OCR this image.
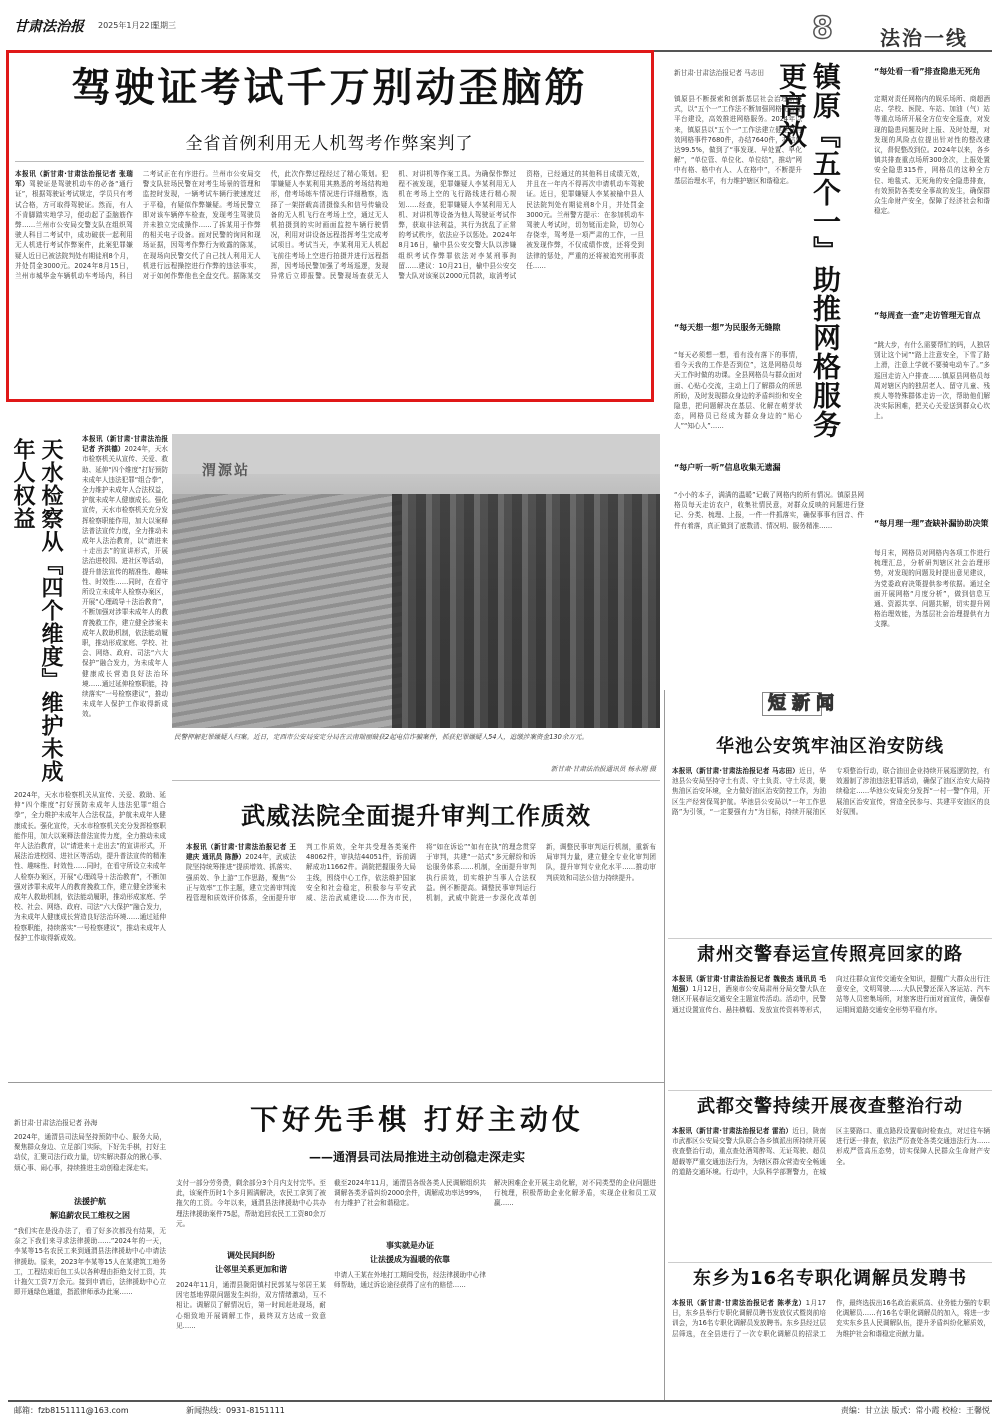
甘肃法治报 2025年1月22日
星期三	8 法治一线
驾驶证考试千万别动歪脑筋
全省首例利用无人机驾考作弊案判了
本报讯（新甘肃·甘肃法治报记者 张瑞军）驾驶证是驾驶机动车的必备“通行证”，根据驾驶证考试规定，学员只有考试合格，方可取得驾驶证。然而，有人不肯脚踏实地学习，便动起了歪脑筋作弊……兰州市公安局交警支队在组织驾驶人科目二考试中，成功破获一起利用无人机进行考试作弊案件，此案犯罪嫌疑人近日已被法院判处有期徒刑8个月，并处罚金3000元。2024年8月15日，兰州市城华金车辆机动车考场内，科目二考试正在有序进行。兰州市公安局交警支队驻场民警在对考生场景的管理和监控时发现，一辆考试车辆行驶速度过于平稳，有疑似作弊嫌疑。考场民警立即对该车辆停车检查，发现考生驾驶员并未独立完成操作……了拆某用于作弊的相关电子设备。面对民警的询问和现场证据，因驾考作弊行为败露的陈某，在现场向民警交代了自己找人利用无人机进行远程操控进行作弊的违法事实，对于如何作弊他也全盘交代。据陈某交代，此次作弊过程经过了精心策划。犯罪嫌疑人李某利用其熟悉的考场结构地形，借考场练车情况进行详细勘察，选择了一架搭载高清摄像头和信号传输设备的无人机飞行在考场上空，通过无人机拍摄到的实时画面监控车辆行驶情况，利用对讲设备远程指挥考生完成考试项目。考试当天，李某利用无人机起飞前往考场上空进行拍摄并进行远程指挥，因考场民警加强了考场巡逻，发现异常后立即报警。民警现场查获无人机、对讲机等作案工具。为确保作弊过程不被发现，犯罪嫌疑人李某利用无人机在考场上空的飞行路线进行精心规划……经查，犯罪嫌疑人李某利用无人机、对讲机等设备为他人驾驶证考试作弊，获取非法利益，其行为扰乱了正常的考试秩序，依法应予以惩处。2024年8月16日，榆中县公安交警大队以涉嫌组织考试作弊罪依法对李某刑事拘留……建议：10月21日，榆中县公安交警大队对该案以2000元罚款，取消考试资格，已经通过的其他科目成绩无效，并且在一年内不得再次申请机动车驾驶证。近日，犯罪嫌疑人李某被榆中县人民法院判处有期徒刑8个月，并处罚金3000元。兰州警方提示：在参加机动车驾驶人考试时，切勿铤而走险，切勿心存侥幸，驾考是一项严肃的工作，一旦被发现作弊，不仅成绩作废，还将受到法律的惩处，严重的还将被追究刑事责任……
新甘肃·甘肃法治报记者 马志田
镇原县不断探索和创新基层社会治理新模式，以“五个一”工作法不断加强网格化管理平台建设，高效推进网格服务。2024年以来，镇原县以“五个一”工作法建立健全县有效网格事件7680件，办结7640件，办结率达99.5%，做到了“事发现、早处置、早化解”，“单位管、单位化、单位结”，推动“网中有格、格中有人、人在格中”，不断提升基层治理水平，有力维护辖区和谐稳定。 镇原『五个一』助推网格服务更高效
“每天想一想”为民服务无缝隙
“每天必须想一想，看有没有落下的事情，看今天我的工作是否到位”，这是网格员每天工作时做的功课。全县网格员与群众面对面、心贴心交流，主动上门了解群众的所思所盼，及时发现群众身边的矛盾纠纷和安全隐患，把问题解决在基层、化解在萌芽状态，网格员已经成为群众身边的“贴心人”“知心人”……
“每户听一听”信息收集无遗漏
“小小的本子，满满的温暖”记载了网格内的所有情况。镇原县网格员每天走访农户，收集社情民意，对群众反映的问题进行登记、分类、梳理、上报，一件一件抓落实，确保事事有回音、件件有着落，真正做到了底数清、情况明、服务精准……
“每处看一看”排查隐患无死角
定期对责任网格内的娱乐场所、商超酒店、学校、医院、车站、加油（气）站等重点场所开展全方位安全巡查，对发现的隐患问题及时上报、及时处理，对发现的风险点位提出针对性的整改建议，督促整改到位。2024年以来，各乡镇共排查重点场所300余次，上报处置安全隐患315件，网格员的这种全方位、地毯式、无死角的安全隐患排查，有效预防各类安全事故的发生，确保群众生命财产安全，保障了经济社会和谐稳定。
“每周查一查”走访管理无盲点
“跳大步，有什么需要帮忙的吗，人独居别让这个词”“路上注意安全，下雪了路上滑，注意上学就不要骑电动车了。”多巡回走访入户排查……镇原县网格员每周对辖区内的独居老人、留守儿童、残疾人等特殊群体走访一次，帮助他们解决实际困难，把关心关爱送到群众心坎上。
“每月理一理”查缺补漏协助决策
每月末，网格员对网格内各项工作进行梳理汇总，分析研判辖区社会治理形势，对发现的问题及时提出意见建议，为党委政府决策提供参考依据。通过全面开展网格“月度分析”，做到信息互通、资源共享、问题共解，切实提升网格治理效能，为基层社会治理提供有力支撑。
天水检察从『四个维度』维护未成年人权益	本报讯（新甘肃·甘肃法治报记者 齐洪德）2024年，天水市检察机关从宣传、关爱、救助、延伸“四个维度”打好预防未成年人违法犯罪“组合拳”，全力维护未成年人合法权益，护航未成年人健康成长。强化宣传，天水市检察机关充分发挥检察职能作用，加大以案释法普法宣传力度，全力推动未成年人法治教育，以“请进来＋走出去”的宣讲形式，开展法治进校园、进社区等活动，提升普法宣传的精准性、趣味性、时效性……同时，在看守所设立未成年人检察办案区，开展“心理疏导＋法治教育”，不断加强对涉罪未成年人的教育挽救工作，建立健全涉案未成年人救助机制，依法能动履职，推动形成家庭、学校、社会、网络、政府、司法“六大保护”融合发力，为未成年人健康成长营造良好法治环境……通过延伸检察职能，持续落实“一号检察建议”，推动未成年人保护工作取得新成效。
2024年，天水市检察机关从宣传、关爱、救助、延伸“四个维度”打好预防未成年人违法犯罪“组合拳”，全力维护未成年人合法权益，护航未成年人健康成长。强化宣传，天水市检察机关充分发挥检察职能作用，加大以案释法普法宣传力度，全力推动未成年人法治教育，以“请进来＋走出去”的宣讲形式，开展法治进校园、进社区等活动，提升普法宣传的精准性、趣味性、时效性……同时，在看守所设立未成年人检察办案区，开展“心理疏导＋法治教育”，不断加强对涉罪未成年人的教育挽救工作，建立健全涉案未成年人救助机制，依法能动履职，推动形成家庭、学校、社会、网络、政府、司法“六大保护”融合发力，为未成年人健康成长营造良好法治环境……通过延伸检察职能，持续落实“一号检察建议”，推动未成年人保护工作取得新成效。
渭源站
民警押解犯罪嫌疑人归案。近日，定西市公安局安定分局在云南瑞丽破获2起电信诈骗案件，抓获犯罪嫌疑人54人，追缴涉案资金130余万元。
新甘肃·甘肃法治报通讯员 杨永刚 摄
武威法院全面提升审判工作质效
本报讯（新甘肃·甘肃法治报记者 王建庆 通讯员 陈静）2024年，武威法院坚持统筹推进“提质增效、抓落实、强质效、争上游”工作思路，聚焦“公正与效率”工作主题，建立完善审判流程管理和质效评价体系，全面提升审判工作质效，全年共受理各类案件48062件，审执结44051件，诉前调解成功11662件。满院把握服务大局主线，围绕中心工作，依法维护国家安全和社会稳定，积极参与平安武威、法治武威建设……作为市民，将“如在诉讼”“如有在执”的理念贯穿于审判，共建“一站式”多元解纷和诉讼服务体系……机制，全面提升审判执行质效，切实维护当事人合法权益。例不断提高。调整民事审判运行机制，武威中院进一步深化改革创新，调整民事审判运行机制，重新布局审判力量，建立健全专业化审判团队，提升审判专业化水平……推动审判质效和司法公信力持续提升。
新甘肃·甘肃法治报记者 孙海
2024年，通渭县司法局坚持预防中心、服务大局，聚焦群众身边、立足部门实际，下好先手棋，打好主动仗，汇聚司法行政力量，切实解决群众的揪心事、烦心事、闹心事，持续推进主动创稳走深走实。
法援护航
解追薪农民工维权之困
“我们实在是没办法了，看了好多次都没有结果，无奈之下我们来寻求法律援助……”2024年的一天，李某等15名农民工来到通渭县法律援助中心申请法律援助。原来，2023年李某等15人在某建筑工地务工，工程结束后包工头以各种理由拒绝支付工资，共计拖欠工资7万余元。接到申请后，法律援助中心立即开通绿色通道，指派律师承办此案……
下好先手棋 打好主动仗
——通渭县司法局推进主动创稳走深走实
支付一部分劳务费，剩余部分3个月内支付完毕。至此，该案件历时1个多月圆满解决，农民工拿到了被拖欠的工资。今年以来，通渭县法律援助中心共办理法律援助案件75起，帮助追回农民工工资80余万元。
调处民间纠纷
让邻里关系更加和谐
2024年11月，通渭县陇阳镇村民郭某与邻居王某因宅基地界限问题发生纠纷，双方情绪激动，互不相让。调解员了解情况后，第一时间赶赴现场，耐心细致地开展调解工作，最终双方达成一致意见……
截至2024年11月，通渭县各级各类人民调解组织共调解各类矛盾纠纷2000余件，调解成功率达99%，有力维护了社会和谐稳定。
事实就是办证
让法援成为温暖的依靠
申请人王某在外地打工期间受伤，经法律援助中心律师帮助，通过诉讼途径获得了应有的赔偿……
解决困难企业开展主动化解，对不同类型的企业问题进行梳理，积极帮助企业化解矛盾，实现企业和员工双赢……
短新闻
华池公安筑牢油区治安防线
本报讯（新甘肃·甘肃法治报记者 马志田）近日，华池县公安局坚持守土有责、守土负责、守土尽责，聚焦油区治安环境，全力做好油区治安防控工作，为油区生产经营保驾护航。华池县公安局以“一年工作思路”为引领，“一定要强有力”为目标，持续开展油区专项整治行动，联合油田企业持续开展巡逻防控，有效遏制了涉油违法犯罪活动，确保了油区治安大局持续稳定……华池公安局充分发挥“一村一警”作用，开展油区治安宣传，营造全民参与、共建平安油区的良好氛围。
肃州交警春运宣传照亮回家的路
本报讯（新甘肃·甘肃法治报记者 魏俊杰 通讯员 毛旭强）1月12日，酒泉市公安局肃州分局交警大队在辖区开展春运交通安全主题宣传活动。活动中，民警通过设置宣传台、悬挂横幅、发放宣传资料等形式，向过往群众宣传交通安全知识，提醒广大群众出行注意安全，文明驾驶……大队民警还深入客运站、汽车站等人员密集场所，对旅客进行面对面宣传，确保春运期间道路交通安全形势平稳有序。
武都交警持续开展夜查整治行动
本报讯（新甘肃·甘肃法治报记者 雷治）近日，陇南市武都区公安局交警大队联合各乡镇派出所持续开展夜查整治行动，重点查处酒驾醉驾、无证驾驶、超员超载等严重交通违法行为，为辖区群众营造安全畅通的道路交通环境。行动中，大队科学部署警力，在城区主要路口、重点路段设置临时检查点，对过往车辆进行逐一排查，依法严厉查处各类交通违法行为……形成严管高压态势，切实保障人民群众生命财产安全。
东乡为16名专职化调解员发聘书
本报讯（新甘肃·甘肃法治报记者 陈孝龙）1月17日，东乡县举行专职化调解员聘书发放仪式暨岗前培训会，为16名专职化调解员发放聘书。东乡县经过层层筛选，在全县进行了一次专职化调解员的招录工作，最终选拔出16名政治素质高、业务能力强的专职化调解员……有16名专职化调解员的加入，将进一步充实东乡县人民调解队伍，提升矛盾纠纷化解质效，为维护社会和谐稳定贡献力量。
邮箱：fzb8151111@163.com	新闻热线：0931-8151111	责编：甘立法 版式：常小霞 校检：王馨悦
